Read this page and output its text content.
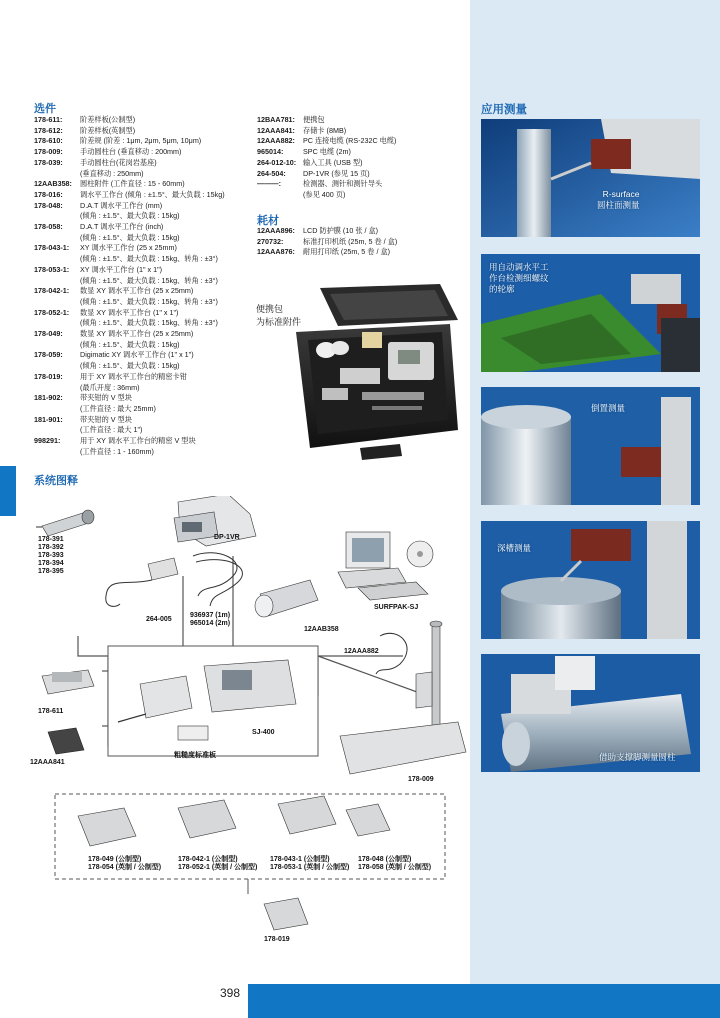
398
选件
178-611:	阶差样板(公制型)
178-612:	阶差样板(英制型)
178-610:	阶差规 (阶差 : 1μm, 2μm, 5μm, 10μm)
178-009:	手动圆柱台 (垂直移动 : 200mm)
178-039:	手动圆柱台(花岗岩基座)
(垂直移动 : 250mm)
12AAB358:	圆柱附件 (工件直径 : 15 - 60mm)
178-016:	调水平工作台 (倾角 : ±1.5°、最大负载 : 15kg)
178-048:	D.A.T 调水平工作台 (mm)
(倾角 : ±1.5°、最大负载 : 15kg)
178-058:	D.A.T 调水平工作台 (inch)
(倾角 : ±1.5°、最大负载 : 15kg)
178-043-1:	XY 调水平工作台 (25 x 25mm)
(倾角 : ±1.5°、最大负载 : 15kg、转角 : ±3°)
178-053-1:	XY 调水平工作台 (1" x 1")
(倾角 : ±1.5°、最大负载 : 15kg、转角 : ±3°)
178-042-1:	数显 XY 调水平工作台 (25 x 25mm)
(倾角 : ±1.5°、最大负载 : 15kg、转角 : ±3°)
178-052-1:	数显 XY 调水平工作台 (1" x 1")
(倾角 : ±1.5°、最大负载 : 15kg、转角 : ±3°)
178-049:	数显 XY 调水平工作台 (25 x 25mm)
(倾角 : ±1.5°、最大负载 : 15kg)
178-059:	Digimatic XY 调水平工作台 (1" x 1")
(倾角 : ±1.5°、最大负载 : 15kg)
178-019:	用于 XY 调水平工作台的精密卡钳
(最爪开度 : 36mm)
181-902:	带夹钳的 V 型块
(工件直径 : 最大 25mm)
181-901:	带夹钳的 V 型块
(工件直径 : 最大 1")
998291:	用于 XY 调水平工作台的精密 V 型块
(工件直径 : 1 - 160mm)
12BAA781:	便携包
12AAA841:	存储卡 (8MB)
12AAA882:	PC 连接电缆 (RS-232C 电缆)
965014:	SPC 电缆 (2m)
264-012-10: 输入工具 (USB 型)
264-504:	DP-1VR (参见 15 页)
———:	检测器、测针和测针导头
(参见 400 页)
耗材
12AAA896:	LCD 防护膜 (10 张 / 盒)
270732:	标准打印机纸 (25m, 5 卷 / 盒)
12AAA876:	耐用打印纸 (25m, 5 卷 / 盒)
便携包
为标准附件
系统图释
178-391
178-392
178-393
178-394
178-395
DP-1VR
264-005
936937 (1m)
965014 (2m)
12AAB358
SURFPAK-SJ
12AAA882
178-611
12AAA841
SJ-400
粗糙度标准板
178-009
178-049 (公制型)
178-054 (英制 / 公制型)
178-042-1 (公制型)
178-052-1 (英制 / 公制型)
178-043-1 (公制型)
178-053-1 (英制 / 公制型)
178-048 (公制型)
178-058 (英制 / 公制型)
178-019
应用测量
R-surface
圆柱面测量
用自动调水平工
作台检测细螺纹
的轮廓
倒置测量
深槽测量
借助支撑脚测量圆柱
